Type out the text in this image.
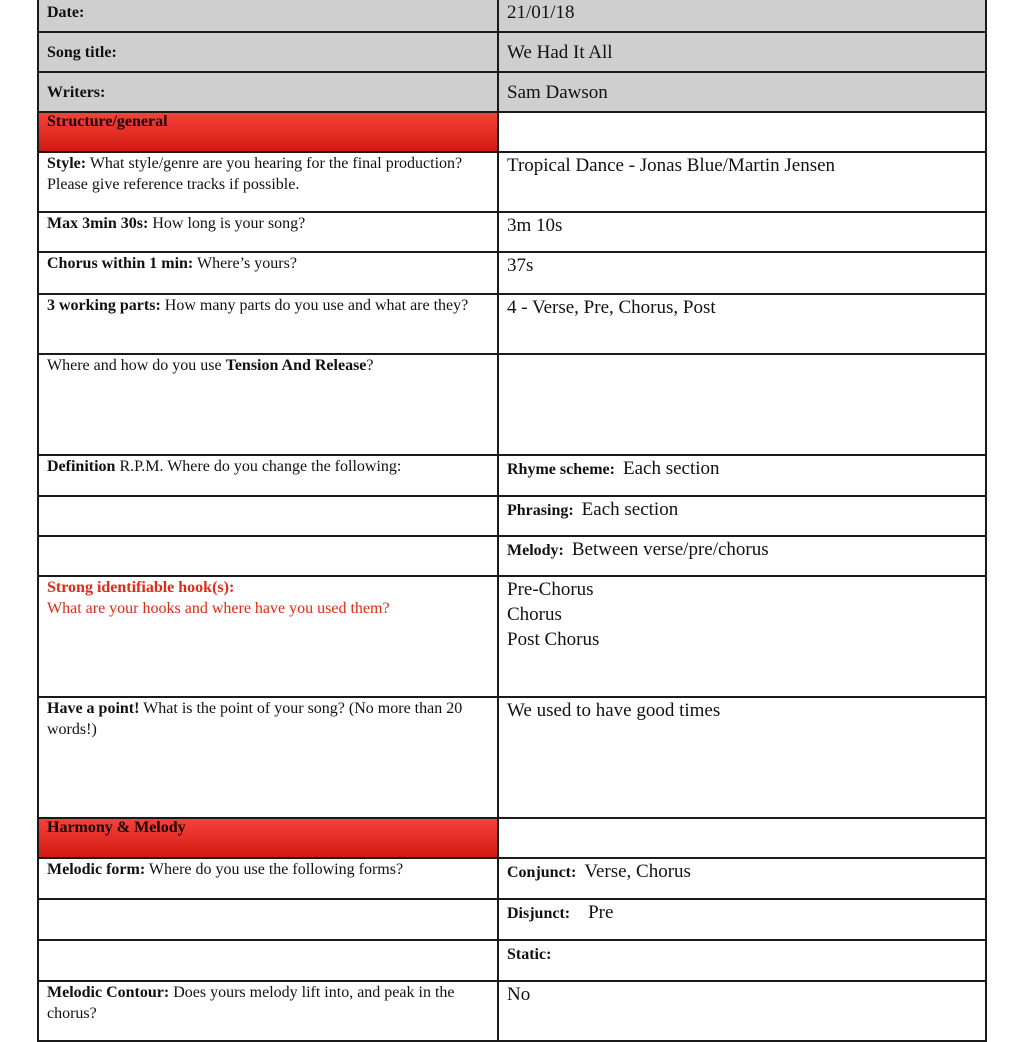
Date:	21/01/18
Song title:	We Had It All
Writers:	Sam Dawson
Structure/general	
Style: What style/genre are you hearing for the final production? Please give reference tracks if possible.	Tropical Dance - Jonas Blue/Martin Jensen
Max 3min 30s: How long is your song?	3m 10s
Chorus within 1 min: Where’s yours?	37s
3 working parts: How many parts do you use and what are they?	4 - Verse, Pre, Chorus, Post
Where and how do you use Tension And Release?	
Definition R.P.M. Where do you change the following:	Rhyme scheme: Each section
	Phrasing: Each section
	Melody: Between verse/pre/chorus

Strong identifiable hook(s):
What are your hooks and where have you used them?	Pre-Chorus
Chorus
Post Chorus

Have a point! What is the point of your song? (No more than 20 words!)	We used to have good times
Harmony & Melody	
Melodic form: Where do you use the following forms?	Conjunct: Verse, Chorus
	Disjunct: Pre
	Static:
Melodic Contour: Does yours melody lift into, and peak in the chorus?	No
